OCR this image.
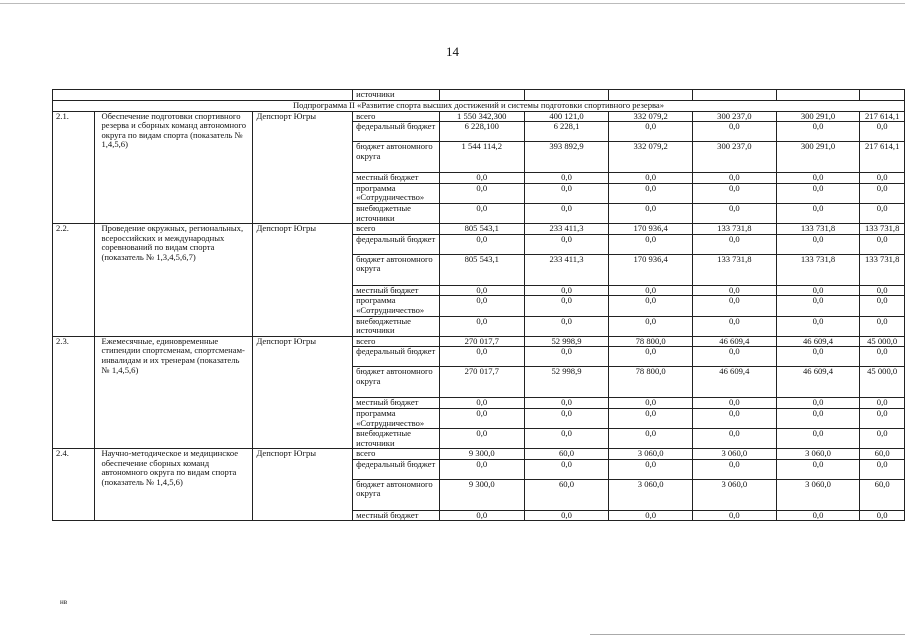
14
			источники						
Подпрограмма II «Развитие спорта высших достижений и системы подготовки спортивного резерва»									
2.1.	Обеспечение подготовки спортивного резерва и сборных команд автономного округа по видам спорта (показатель № 1,4,5,6)	Депспорт Югры	всего	1 550 342,300	400 121,0	332 079,2	300 237,0	300 291,0	217 614,1
			федеральный бюджет	6 228,100	6 228,1	0,0	0,0	0,0	0,0
			бюджет автономного округа	1 544 114,2	393 892,9	332 079,2	300 237,0	300 291,0	217 614,1
			местный бюджет	0,0	0,0	0,0	0,0	0,0	0,0
			программа «Сотрудничество»	0,0	0,0	0,0	0,0	0,0	0,0
			внебюджетные источники	0,0	0,0	0,0	0,0	0,0	0,0
2.2.	Проведение окружных, региональных, всероссийских и международных соревнований по видам спорта (показатель № 1,3,4,5,6,7)	Депспорт Югры	всего	805 543,1	233 411,3	170 936,4	133 731,8	133 731,8	133 731,8
			федеральный бюджет	0,0	0,0	0,0	0,0	0,0	0,0
			бюджет автономного округа	805 543,1	233 411,3	170 936,4	133 731,8	133 731,8	133 731,8
			местный бюджет	0,0	0,0	0,0	0,0	0,0	0,0
			программа «Сотрудничество»	0,0	0,0	0,0	0,0	0,0	0,0
			внебюджетные источники	0,0	0,0	0,0	0,0	0,0	0,0
2.3.	Ежемесячные, единовременные стипендии спортсменам, спортсменам-инвалидам и их тренерам (показатель № 1,4,5,6)	Депспорт Югры	всего	270 017,7	52 998,9	78 800,0	46 609,4	46 609,4	45 000,0
			федеральный бюджет	0,0	0,0	0,0	0,0	0,0	0,0
			бюджет автономного округа	270 017,7	52 998,9	78 800,0	46 609,4	46 609,4	45 000,0
			местный бюджет	0,0	0,0	0,0	0,0	0,0	0,0
			программа «Сотрудничество»	0,0	0,0	0,0	0,0	0,0	0,0
			внебюджетные источники	0,0	0,0	0,0	0,0	0,0	0,0
2.4.	Научно-методическое и медицинское обеспечение сборных команд автономного округа по видам спорта (показатель № 1,4,5,6)	Депспорт Югры	всего	9 300,0	60,0	3 060,0	3 060,0	3 060,0	60,0
			федеральный бюджет	0,0	0,0	0,0	0,0	0,0	0,0
			бюджет автономного округа	9 300,0	60,0	3 060,0	3 060,0	3 060,0	60,0
			местный бюджет	0,0	0,0	0,0	0,0	0,0	0,0
нв
